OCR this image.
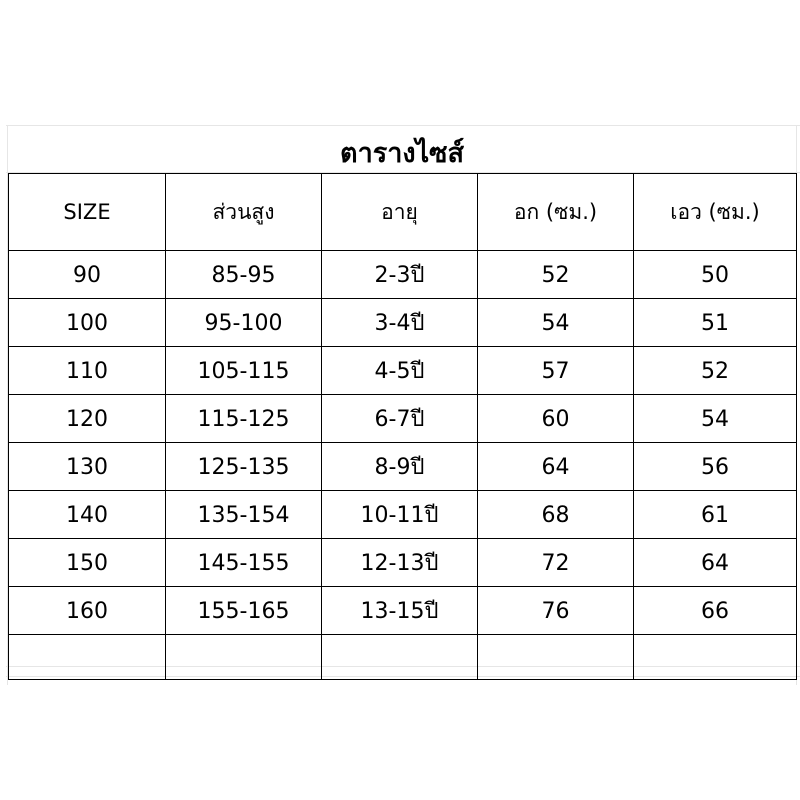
ตารางไซส์
SIZE	ส่วนสูง	อายุ	อก (ซม.)	เอว (ซม.)
90	85-95	2-3ปี	52	50
100	95-100	3-4ปี	54	51
110	105-115	4-5ปี	57	52
120	115-125	6-7ปี	60	54
130	125-135	8-9ปี	64	56
140	135-154	10-11ปี	68	61
150	145-155	12-13ปี	72	64
160	155-165	13-15ปี	76	66
